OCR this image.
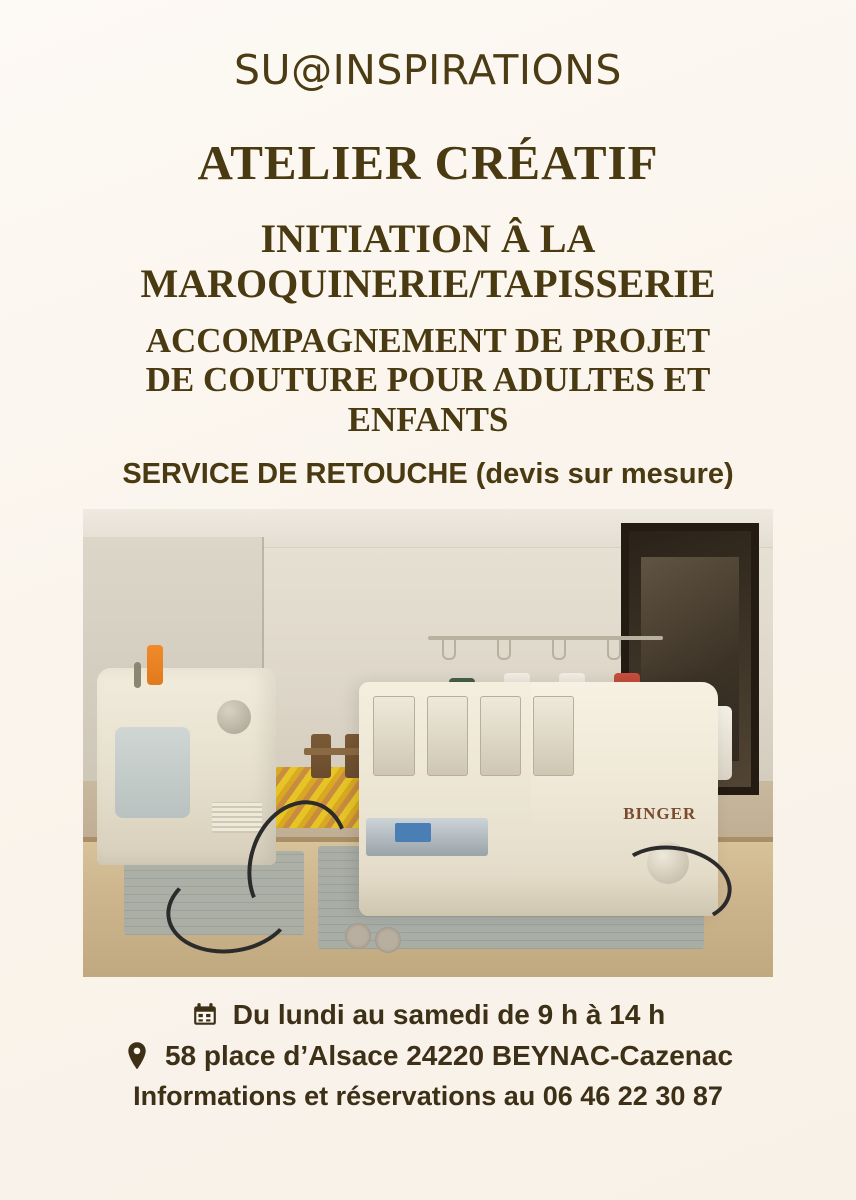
SU@INSPIRATIONS
ATELIER CRÉATIF
INITIATION Â LA
MAROQUINERIE/TAPISSERIE
ACCOMPAGNEMENT DE PROJET
DE COUTURE POUR ADULTES ET
ENFANTS
SERVICE DE RETOUCHE (devis sur mesure)
BINGER
Du lundi au samedi de 9 h à 14 h
58 place d’Alsace 24220 BEYNAC-Cazenac
Informations et réservations au 06 46 22 30 87
